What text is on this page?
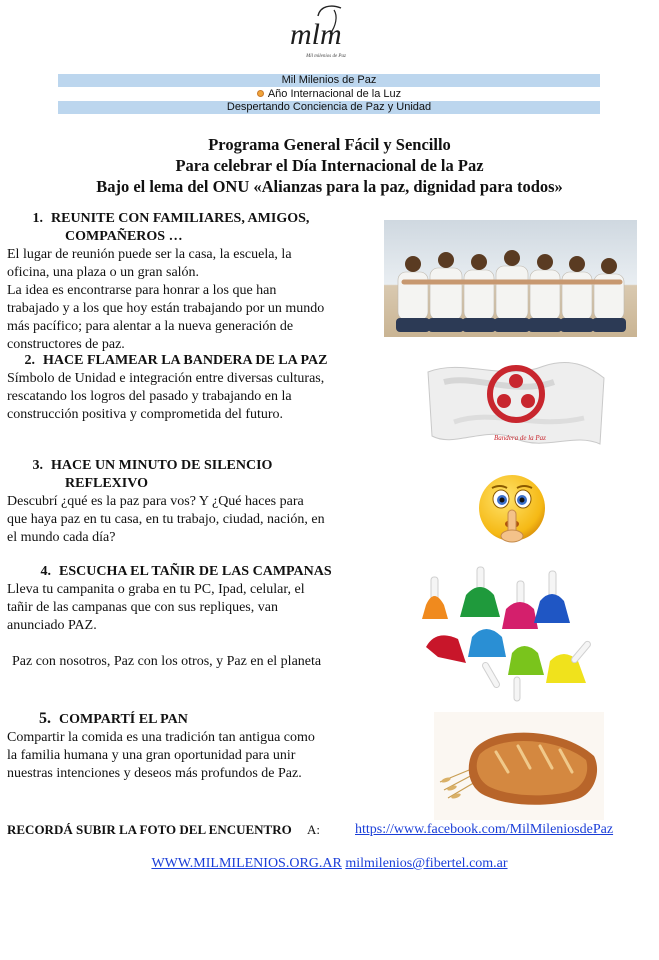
mlm
Mil milenios de Paz
Mil Milenios de Paz
Año Internacional de la Luz
Despertando Conciencia de Paz y Unidad
Programa General Fácil y Sencillo
Para celebrar el Día Internacional de la Paz
Bajo el lema del ONU «Alianzas para la paz, dignidad para todos»
1. REUNITE CON FAMILIARES, AMIGOS,
COMPAÑEROS …

El lugar de reunión puede ser la casa, la escuela, la

oficina, una plaza o un gran salón.

La idea es encontrarse para honrar a los que han

trabajado y a los que hoy están trabajando por un mundo

más pacífico; para alentar a la nueva generación de

constructores de paz.

2. HACE FLAMEAR LA BANDERA DE LA PAZ

Símbolo de Unidad e integración entre diversas culturas,

rescatando los logros del pasado y trabajando en la

construcción positiva y comprometida del futuro.

3. HACE UN MINUTO DE SILENCIO
REFLEXIVO

Descubrí ¿qué es la paz para vos? Y ¿Qué haces para

que haya paz en tu casa, en tu trabajo, ciudad, nación, en

el mundo cada día?

4. ESCUCHA EL TAÑIR DE LAS CAMPANAS

Lleva tu campanita o graba en tu PC, Ipad, celular, el

tañir de las campanas que con sus repliques, van

anunciado PAZ.

Paz con nosotros, Paz con los otros, y Paz en el planeta

5. COMPARTÍ EL PAN

Compartir la comida es una tradición tan antigua como

la familia humana y una gran oportunidad para unir

nuestras intenciones y deseos más profundos de Paz.

Bandera de la Paz
RECORDÁ SUBIR LA FOTO DEL ENCUENTRO A:	https://www.facebook.com/MilMileniosdePaz
WWW.MILMILENIOS.ORG.AR milmilenios@fibertel.com.ar
